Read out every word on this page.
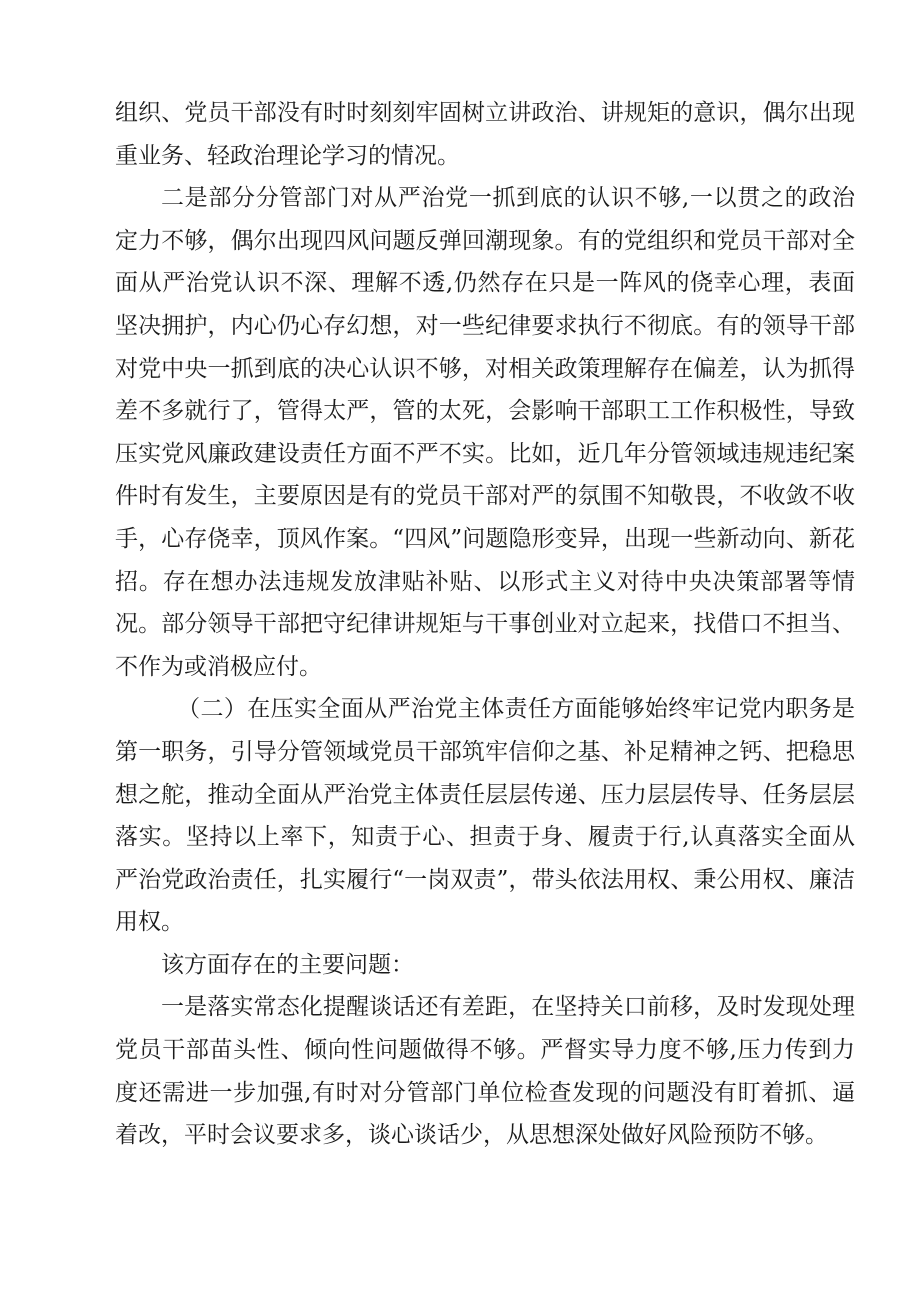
组织、党员干部没有时时刻刻牢固树立讲政治、讲规矩的意识，偶尔出现重业务、轻政治理论学习的情况。

二是部分分管部门对从严治党一抓到底的认识不够,一以贯之的政治定力不够，偶尔出现四风问题反弹回潮现象。有的党组织和党员干部对全面从严治党认识不深、理解不透,仍然存在只是一阵风的侥幸心理，表面坚决拥护，内心仍心存幻想，对一些纪律要求执行不彻底。有的领导干部对党中央一抓到底的决心认识不够，对相关政策理解存在偏差，认为抓得差不多就行了，管得太严，管的太死，会影响干部职工工作积极性，导致压实党风廉政建设责任方面不严不实。比如，近几年分管领域违规违纪案件时有发生，主要原因是有的党员干部对严的氛围不知敬畏，不收敛不收手，心存侥幸，顶风作案。“四风”问题隐形变异，出现一些新动向、新花招。存在想办法违规发放津贴补贴、以形式主义对待中央决策部署等情况。部分领导干部把守纪律讲规矩与干事创业对立起来，找借口不担当、不作为或消极应付。

（二）在压实全面从严治党主体责任方面能够始终牢记党内职务是第一职务，引导分管领域党员干部筑牢信仰之基、补足精神之钙、把稳思想之舵，推动全面从严治党主体责任层层传递、压力层层传导、任务层层落实。坚持以上率下，知责于心、担责于身、履责于行,认真落实全面从严治党政治责任，扎实履行“一岗双责”，带头依法用权、秉公用权、廉洁用权。

该方面存在的主要问题：

一是落实常态化提醒谈话还有差距，在坚持关口前移，及时发现处理党员干部苗头性、倾向性问题做得不够。严督实导力度不够,压力传到力度还需进一步加强,有时对分管部门单位检查发现的问题没有盯着抓、逼着改，平时会议要求多，谈心谈话少，从思想深处做好风险预防不够。
